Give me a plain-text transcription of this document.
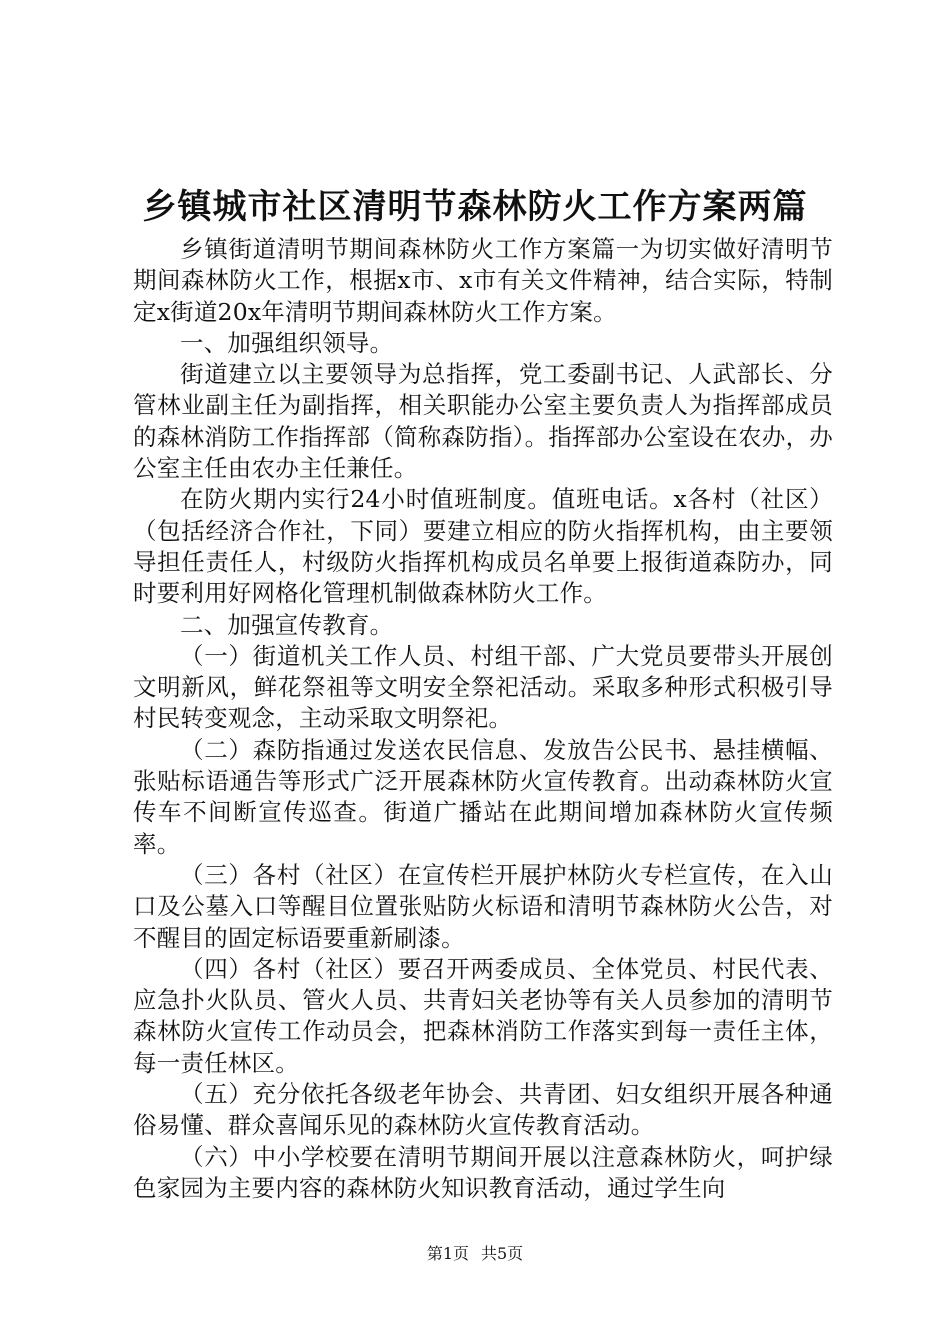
乡镇城市社区清明节森林防火工作方案两篇

乡镇街道清明节期间森林防火工作方案篇一为切实做好清明节期间森林防火工作，根据x市、x市有关文件精神，结合实际，特制定x街道20x年清明节期间森林防火工作方案。

一、加强组织领导。

街道建立以主要领导为总指挥，党工委副书记、人武部长、分管林业副主任为副指挥，相关职能办公室主要负责人为指挥部成员的森林消防工作指挥部（简称森防指）。指挥部办公室设在农办，办公室主任由农办主任兼任。

在防火期内实行24小时值班制度。值班电话。x各村（社区）（包括经济合作社，下同）要建立相应的防火指挥机构，由主要领导担任责任人，村级防火指挥机构成员名单要上报街道森防办，同时要利用好网格化管理机制做森林防火工作。

二、加强宣传教育。

（一）街道机关工作人员、村组干部、广大党员要带头开展创文明新风，鲜花祭祖等文明安全祭祀活动。采取多种形式积极引导村民转变观念，主动采取文明祭祀。

（二）森防指通过发送农民信息、发放告公民书、悬挂横幅、张贴标语通告等形式广泛开展森林防火宣传教育。出动森林防火宣传车不间断宣传巡查。街道广播站在此期间增加森林防火宣传频率。

（三）各村（社区）在宣传栏开展护林防火专栏宣传，在入山口及公墓入口等醒目位置张贴防火标语和清明节森林防火公告，对不醒目的固定标语要重新刷漆。

（四）各村（社区）要召开两委成员、全体党员、村民代表、应急扑火队员、管火人员、共青妇关老协等有关人员参加的清明节森林防火宣传工作动员会，把森林消防工作落实到每一责任主体，每一责任林区。

（五）充分依托各级老年协会、共青团、妇女组织开展各种通俗易懂、群众喜闻乐见的森林防火宣传教育活动。

（六）中小学校要在清明节期间开展以注意森林防火，呵护绿色家园为主要内容的森林防火知识教育活动，通过学生向

第1页 共5页
